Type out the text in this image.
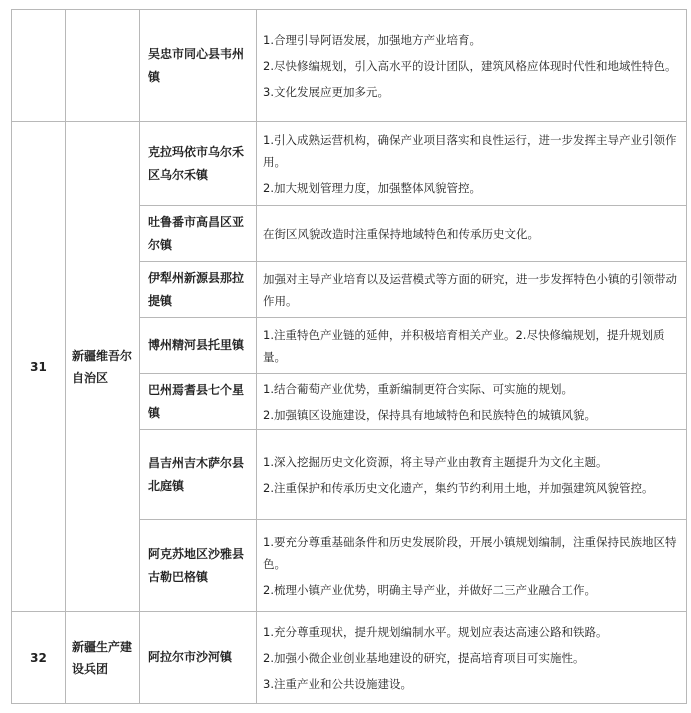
		吴忠市同心县韦州镇	1.合理引导阿语发展，加强地方产业培育。

2.尽快修编规划，引入高水平的设计团队，建筑风格应体现时代性和地域性特色。

3.文化发展应更加多元。

31	新疆维吾尔自治区	克拉玛依市乌尔禾区乌尔禾镇	1.引入成熟运营机构，确保产业项目落实和良性运行，进一步发挥主导产业引领作用。

2.加大规划管理力度，加强整体风貌管控。

		吐鲁番市高昌区亚尔镇	在街区风貌改造时注重保持地域特色和传承历史文化。

		伊犁州新源县那拉提镇	加强对主导产业培育以及运营模式等方面的研究，进一步发挥特色小镇的引领带动作用。

		博州精河县托里镇	1.注重特色产业链的延伸，并积极培育相关产业。2.尽快修编规划，提升规划质量。

		巴州焉耆县七个星镇	1.结合葡萄产业优势，重新编制更符合实际、可实施的规划。

2.加强镇区设施建设，保持具有地域特色和民族特色的城镇风貌。

		昌吉州吉木萨尔县北庭镇	1.深入挖掘历史文化资源，将主导产业由教育主题提升为文化主题。

2.注重保护和传承历史文化遗产，集约节约利用土地，并加强建筑风貌管控。

		阿克苏地区沙雅县古勒巴格镇	1.要充分尊重基础条件和历史发展阶段，开展小镇规划编制，注重保持民族地区特色。

2.梳理小镇产业优势，明确主导产业，并做好二三产业融合工作。

32	新疆生产建设兵团	阿拉尔市沙河镇	1.充分尊重现状，提升规划编制水平。规划应表达高速公路和铁路。

2.加强小微企业创业基地建设的研究，提高培育项目可实施性。

3.注重产业和公共设施建设。
